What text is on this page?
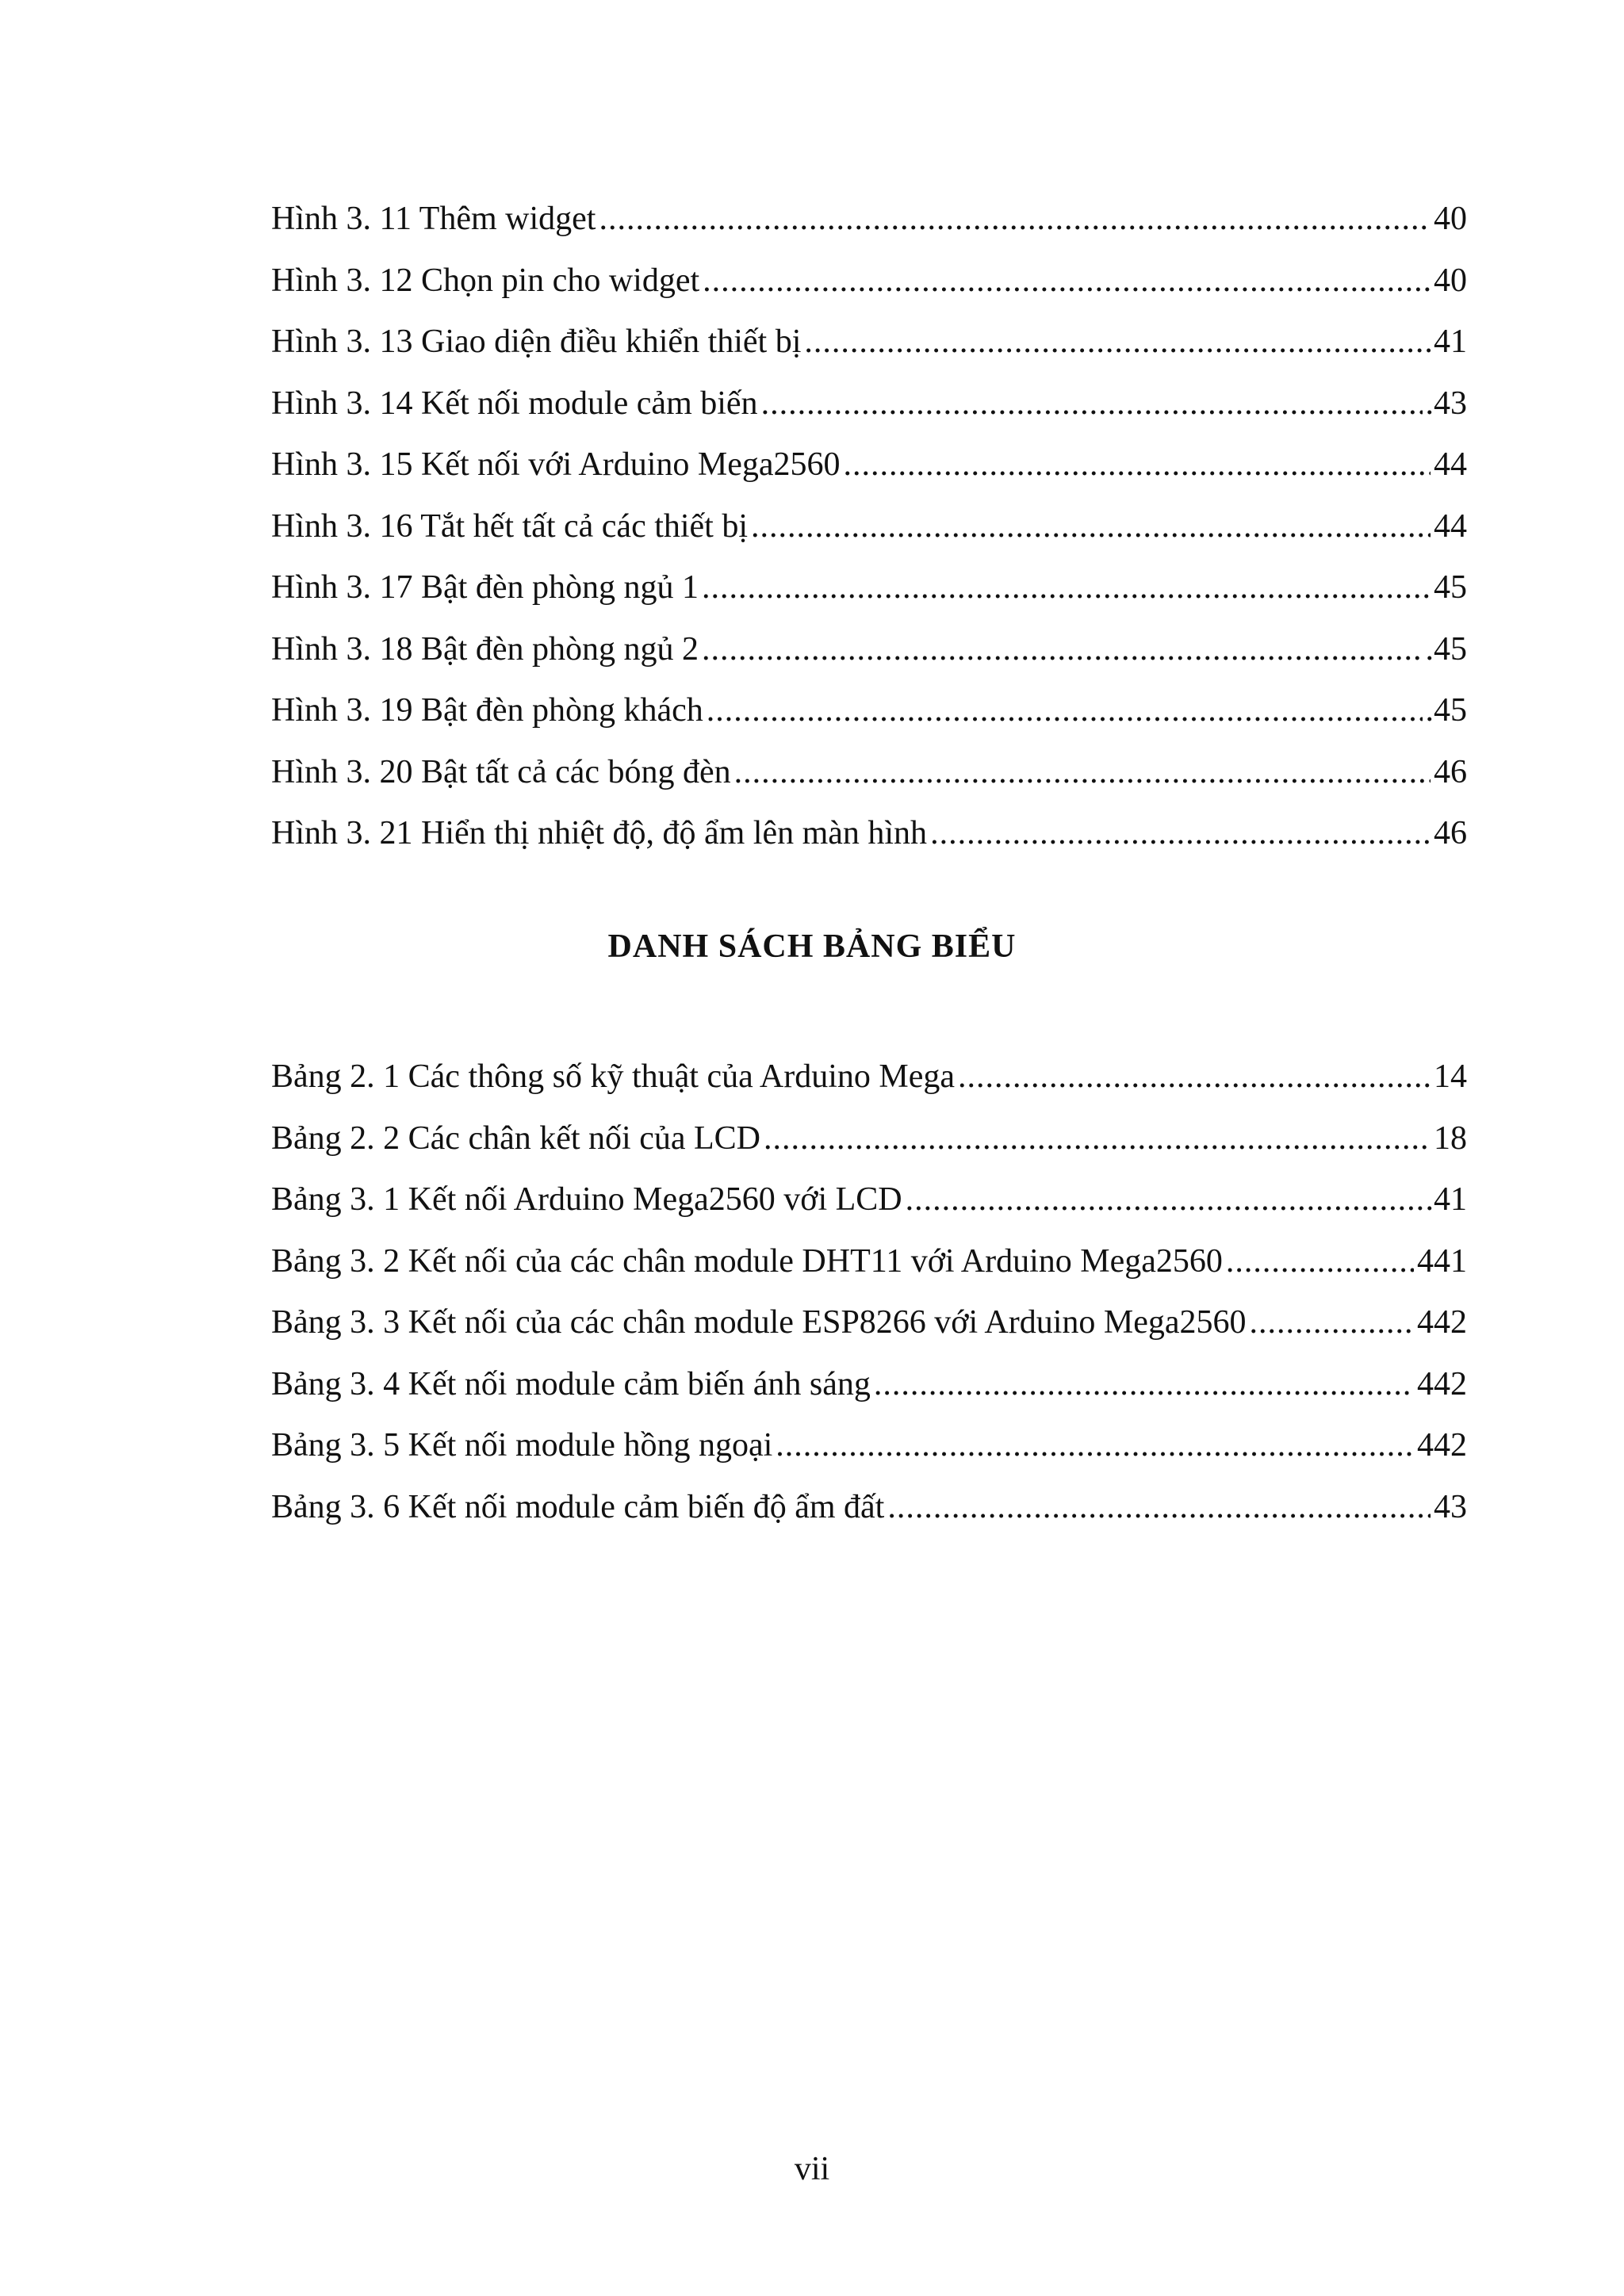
Hình 3. 11 Thêm widget .....	40
Hình 3. 12 Chọn pin cho widget .....	40
Hình 3. 13 Giao diện điều khiển thiết bị .....	41
Hình 3. 14 Kết nối module cảm biến .....	.43
Hình 3. 15 Kết nối với Arduino Mega2560 .....	44
Hình 3. 16 Tắt hết tất cả các thiết bị .....	44
Hình 3. 17 Bật đèn phòng ngủ 1 .....	45
Hình 3. 18 Bật đèn phòng ngủ 2 .....	.45
Hình 3. 19 Bật đèn phòng khách .....	.45
Hình 3. 20 Bật tất cả các bóng đèn .....	46
Hình 3. 21 Hiển thị nhiệt độ, độ ẩm lên màn hình .....	46
DANH SÁCH BẢNG BIỂU
Bảng 2. 1 Các thông số kỹ thuật của Arduino Mega .....	14
Bảng 2. 2 Các chân kết nối của LCD .....	18
Bảng 3. 1 Kết nối Arduino Mega2560 với LCD .....	.41
Bảng 3. 2 Kết nối của các chân module DHT11 với Arduino Mega2560 .....	441
Bảng 3. 3 Kết nối của các chân module ESP8266 với Arduino Mega2560 .....	442
Bảng 3. 4 Kết nối module cảm biến ánh sáng .....	442
Bảng 3. 5 Kết nối module hồng ngoại .....	442
Bảng 3. 6 Kết nối module cảm biến độ ẩm đất .....	43

vii
